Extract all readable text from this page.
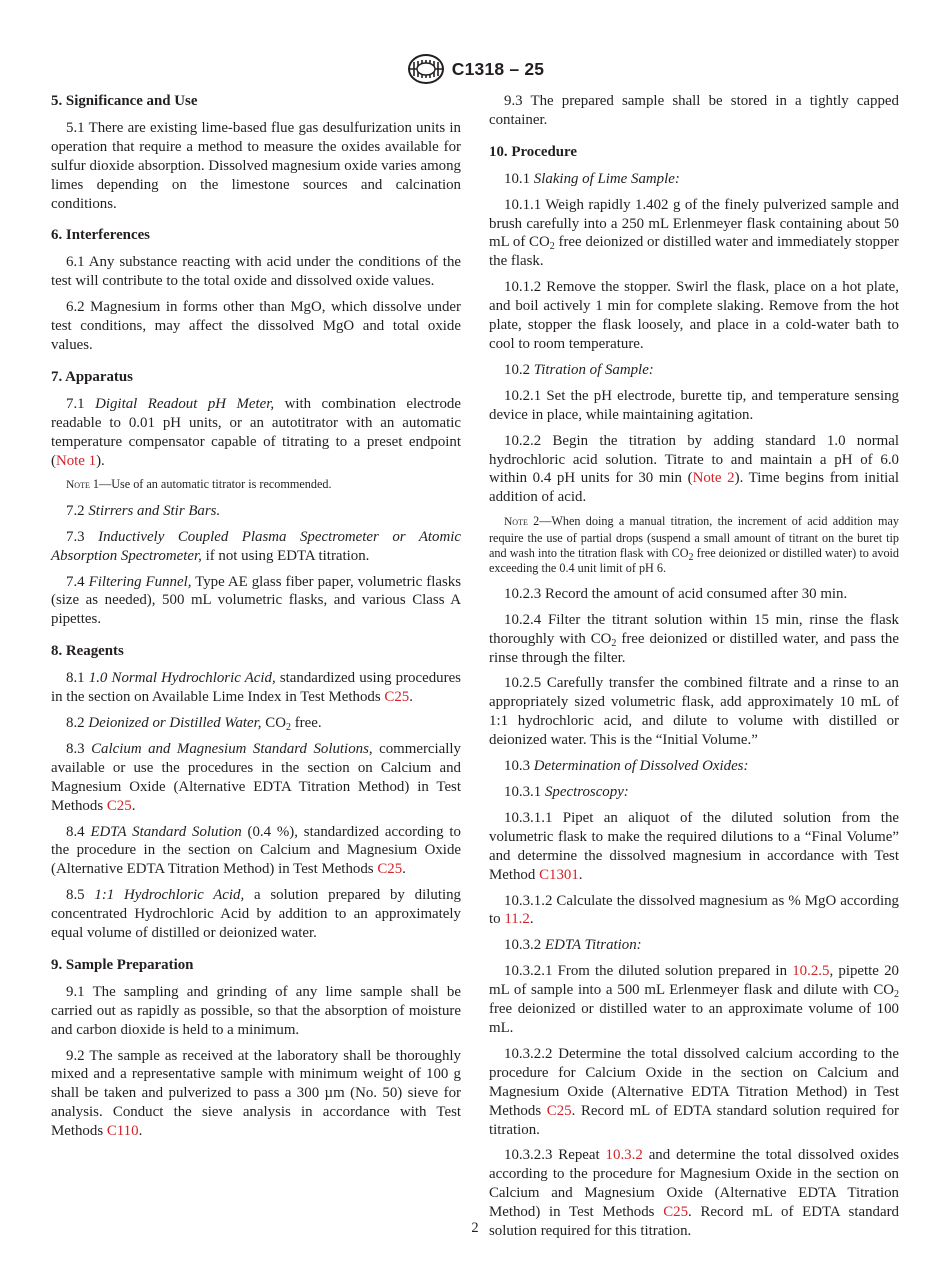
C1318 – 25
5. Significance and Use

5.1 There are existing lime-based flue gas desulfurization units in operation that require a method to measure the oxides available for sulfur dioxide absorption. Dissolved magnesium oxide varies among limes depending on the limestone sources and calcination conditions.

6. Interferences

6.1 Any substance reacting with acid under the conditions of the test will contribute to the total oxide and dissolved oxide values.

6.2 Magnesium in forms other than MgO, which dissolve under test conditions, may affect the dissolved MgO and total oxide values.

7. Apparatus

7.1 Digital Readout pH Meter, with combination electrode readable to 0.01 pH units, or an autotitrator with an automatic temperature compensator capable of titrating to a preset endpoint (Note 1).

Note 1—Use of an automatic titrator is recommended.

7.2 Stirrers and Stir Bars.

7.3 Inductively Coupled Plasma Spectrometer or Atomic Absorption Spectrometer, if not using EDTA titration.

7.4 Filtering Funnel, Type AE glass fiber paper, volumetric flasks (size as needed), 500 mL volumetric flasks, and various Class A pipettes.

8. Reagents

8.1 1.0 Normal Hydrochloric Acid, standardized using procedures in the section on Available Lime Index in Test Methods C25.

8.2 Deionized or Distilled Water, $CO_2$ free.

8.3 Calcium and Magnesium Standard Solutions, commercially available or use the procedures in the section on Calcium and Magnesium Oxide (Alternative EDTA Titration Method) in Test Methods C25.

8.4 EDTA Standard Solution (0.4 %), standardized according to the procedure in the section on Calcium and Magnesium Oxide (Alternative EDTA Titration Method) in Test Methods C25.

8.5 1:1 Hydrochloric Acid, a solution prepared by diluting concentrated Hydrochloric Acid by addition to an approximately equal volume of distilled or deionized water.

9. Sample Preparation

9.1 The sampling and grinding of any lime sample shall be carried out as rapidly as possible, so that the absorption of moisture and carbon dioxide is held to a minimum.

9.2 The sample as received at the laboratory shall be thoroughly mixed and a representative sample with minimum weight of 100 g shall be taken and pulverized to pass a 300 µm (No. 50) sieve for analysis. Conduct the sieve analysis in accordance with Test Methods C110.

9.3 The prepared sample shall be stored in a tightly capped container.

10. Procedure

10.1 Slaking of Lime Sample:

10.1.1 Weigh rapidly 1.402 g of the finely pulverized sample and brush carefully into a 250 mL Erlenmeyer flask containing about 50 mL of $CO_2$ free deionized or distilled water and immediately stopper the flask.

10.1.2 Remove the stopper. Swirl the flask, place on a hot plate, and boil actively 1 min for complete slaking. Remove from the hot plate, stopper the flask loosely, and place in a cold-water bath to cool to room temperature.

10.2 Titration of Sample:

10.2.1 Set the pH electrode, burette tip, and temperature sensing device in place, while maintaining agitation.

10.2.2 Begin the titration by adding standard 1.0 normal hydrochloric acid solution. Titrate to and maintain a pH of 6.0 within 0.4 pH units for 30 min (Note 2). Time begins from initial addition of acid.

Note 2—When doing a manual titration, the increment of acid addition may require the use of partial drops (suspend a small amount of titrant on the buret tip and wash into the titration flask with $CO_2$ free deionized or distilled water) to avoid exceeding the 0.4 unit limit of pH 6.

10.2.3 Record the amount of acid consumed after 30 min.

10.2.4 Filter the titrant solution within 15 min, rinse the flask thoroughly with $CO_2$ free deionized or distilled water, and pass the rinse through the filter.

10.2.5 Carefully transfer the combined filtrate and a rinse to an appropriately sized volumetric flask, add approximately 10 mL of 1:1 hydrochloric acid, and dilute to volume with distilled or deionized water. This is the “Initial Volume.”

10.3 Determination of Dissolved Oxides:

10.3.1 Spectroscopy:

10.3.1.1 Pipet an aliquot of the diluted solution from the volumetric flask to make the required dilutions to a “Final Volume” and determine the dissolved magnesium in accordance with Test Method C1301.

10.3.1.2 Calculate the dissolved magnesium as % MgO according to 11.2.

10.3.2 EDTA Titration:

10.3.2.1 From the diluted solution prepared in 10.2.5, pipette 20 mL of sample into a 500 mL Erlenmeyer flask and dilute with $CO_2$ free deionized or distilled water to an approximate volume of 100 mL.

10.3.2.2 Determine the total dissolved calcium according to the procedure for Calcium Oxide in the section on Calcium and Magnesium Oxide (Alternative EDTA Titration Method) in Test Methods C25. Record mL of EDTA standard solution required for titration.

10.3.2.3 Repeat 10.3.2 and determine the total dissolved oxides according to the procedure for Magnesium Oxide in the section on Calcium and Magnesium Oxide (Alternative EDTA Titration Method) in Test Methods C25. Record mL of EDTA standard solution required for this titration.

2
